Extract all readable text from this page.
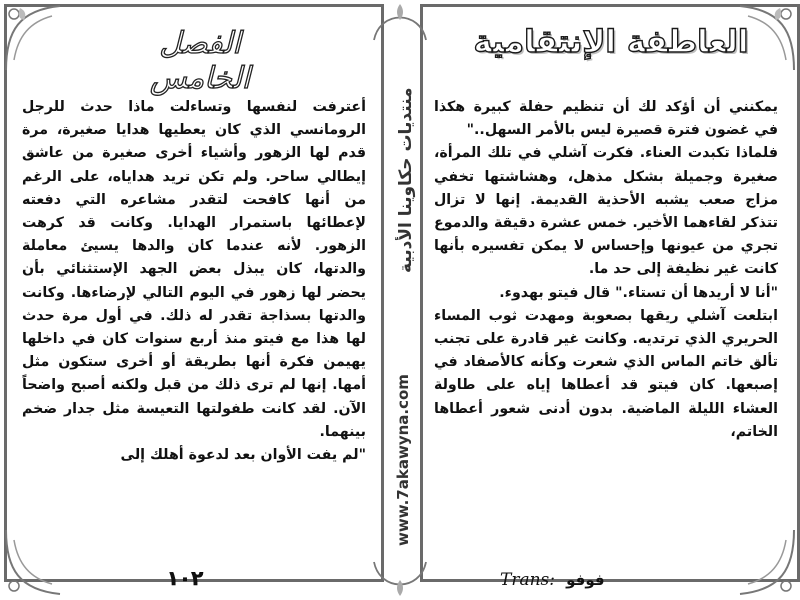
الفصل الخامس
العاطفة الإنتقامية

أعترفت لنفسها وتساءلت ماذا حدث للرجل الرومانسي الذي كان يعطيها هدايا صغيرة، مرة قدم لها الزهور وأشياء أخرى صغيرة من عاشق إيطالي ساحر. ولم تكن تريد هداياه، على الرغم من أنها كافحت لتقدر مشاعره التي دفعته لإعطائها باستمرار الهدايا. وكانت قد كرهت الزهور. لأنه عندما كان والدها يسيئ معاملة والدتها، كان يبذل بعض الجهد الإستثنائي بأن يحضر لها زهور في اليوم التالي لإرضاءها. وكانت والدتها بسذاجة تقدر له ذلك. في أول مرة حدث لها هذا مع فيتو منذ أربع سنوات كان في داخلها يهيمن فكرة أنها بطريقة أو أخرى ستكون مثل أمها. إنها لم ترى ذلك من قبل ولكنه أصبح واضحاً الآن. لقد كانت طفولتها التعيسة مثل جدار ضخم بينهما.

"لم يفت الأوان بعد لدعوة أهلك إلى

يمكنني أن أؤكد لك أن تنظيم حفلة كبيرة هكذا في غضون فترة قصيرة ليس بالأمر السهل.."

فلماذا تكبدت العناء. فكرت آشلي في تلك المرأة، صغيرة وجميلة بشكل مذهل، وهشاشتها تخفي مزاج صعب يشبه الأحذية القديمة. إنها لا تزال تتذكر لقاءهما الأخير. خمس عشرة دقيقة والدموع تجري من عيونها وإحساس لا يمكن تفسيره بأنها كانت غير نظيفة إلى حد ما.

"أنا لا أريدها أن تستاء." قال فيتو بهدوء.

ابتلعت آشلي ريقها بصعوبة ومهدت ثوب المساء الحريري الذي ترتديه. وكانت غير قادرة على تجنب تألق خاتم الماس الذي شعرت وكأنه كالأصفاد في إصبعها. كان فيتو قد أعطاها إياه على طاولة العشاء الليلة الماضية. بدون أدنى شعور أعطاها الخاتم،

منتديات حكاوينا الأدبية
www.7akawyna.com
١٠٢	Trans: فوفو
